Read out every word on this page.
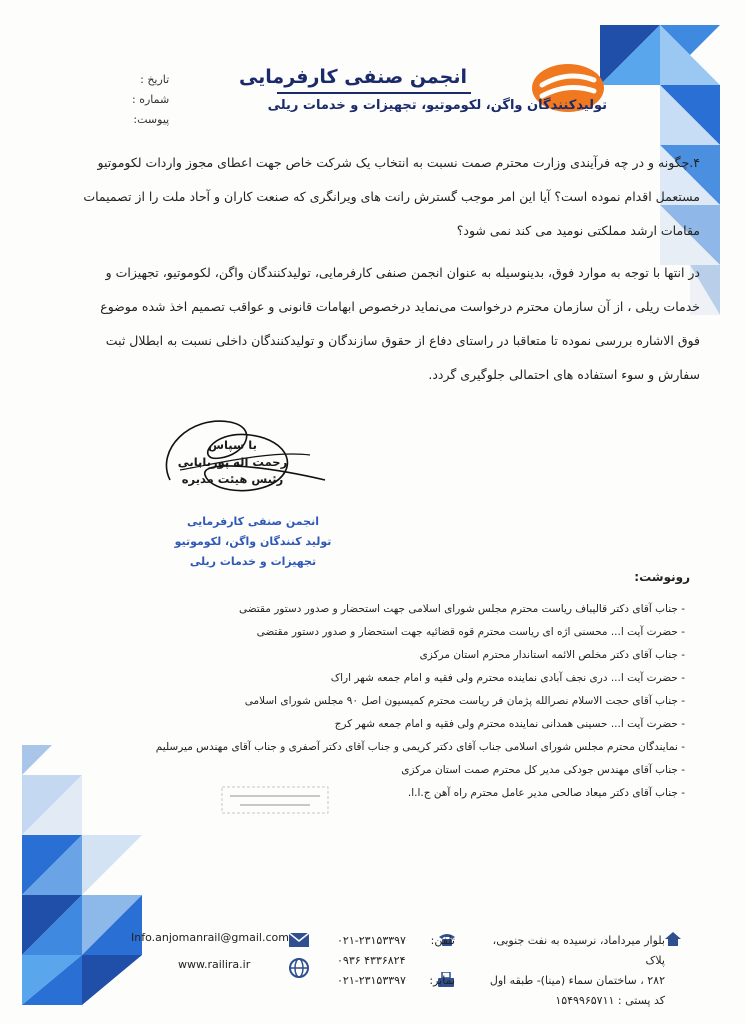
انجمن صنفی کارفرمایی
تولیدکنندگان واگن، لکوموتیو، تجهیزات و خدمات ریلی
تاریخ :
شماره :
پیوست:

۴.چگونه و در چه فرآیندی وزارت محترم صمت نسبت به انتخاب یک شرکت خاص جهت اعطای مجوز واردات لکوموتیو

مستعمل اقدام نموده است؟ آیا این امر موجب گسترش رانت های ویرانگری که صنعت کاران و آحاد ملت را از تصمیمات

مقامات ارشد مملکتی نومید می کند نمی شود؟

در انتها با توجه به موارد فوق، بدینوسیله به عنوان انجمن صنفی کارفرمایی، تولیدکنندگان واگن، لکوموتیو، تجهیزات و

خدمات ریلی ، از آن سازمان محترم درخواست می‌نماید درخصوص ابهامات قانونی و عواقب تصمیم اخذ شده موضوع

فوق الاشاره بررسی نموده تا متعاقبا در راستای دفاع از حقوق سازندگان و تولیدکنندگان داخلی نسبت به ابطلال ثبت

سفارش و سوء استفاده های احتمالی جلوگیری گردد.

با سپاس
رحمت اله پوربابایی
رئیس هیئت مدیره
انجمن صنفی کارفرمایی
تولید کنندگان واگن، لکوموتیو
تجهیزات و خدمات ریلی
رونوشت:
- جناب آقای دکتر قالیباف ریاست محترم مجلس شورای اسلامی جهت استحضار و صدور دستور مقتضی
- حضرت آیت ا... محسنی اژه ای ریاست محترم قوه قضائیه جهت استحضار و صدور دستور مقتضی
- جناب آقای دکتر مخلص الائمه استاندار محترم استان مرکزی
- حضرت آیت ا... دری نجف آبادی نماینده محترم ولی فقیه و امام جمعه شهر اراک
- جناب آقای حجت الاسلام نصرالله پژمان فر ریاست محترم کمیسیون اصل ۹۰ مجلس شورای اسلامی
- حضرت آیت ا... حسینی همدانی نماینده محترم ولی فقیه و امام جمعه شهر کرج
- نمایندگان محترم مجلس شورای اسلامی جناب آقای دکتر کریمی و جناب آقای دکتر آصفری و جناب آقای مهندس میرسلیم
- جناب آقای مهندس جودکی مدیر کل محترم صمت استان مرکزی
- جناب آقای دکتر میعاد صالحی مدیر عامل محترم راه آهن ج.ا.ا.
بلوار میرداماد، نرسیده به نفت جنوبی، پلاک
۲۸۲ ، ساختمان سماء (مینا)- طبقه اول
کد پستی : ۱۵۴۹۹۶۵۷۱۱
تلفن:

نمابر:
۰۲۱-۲۳۱۵۳۳۹۷
۰۹۳۶ ۴۳۳۶۸۲۴
۰۲۱-۲۳۱۵۳۳۹۷
Info.anjomanrail@gmail.com
www.railira.ir
